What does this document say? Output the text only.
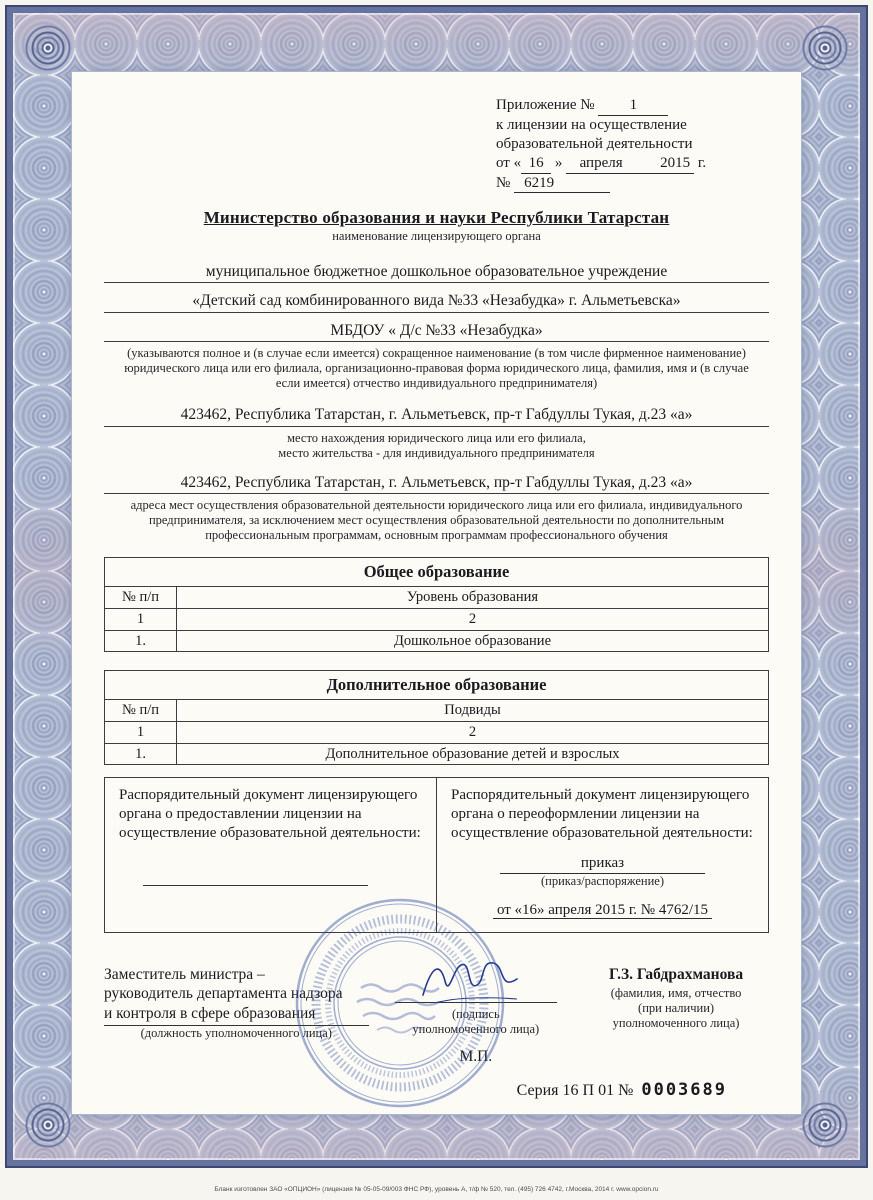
Приложение № 1
к лицензии на осуществление
образовательной деятельности
от « 16 » апреля 2015 г.
№ 6219
Министерство образования и науки Республики Татарстан
наименование лицензирующего органа
муниципальное бюджетное дошкольное образовательное учреждение
«Детский сад комбинированного вида №33 «Незабудка» г. Альметьевска»
МБДОУ « Д/с №33 «Незабудка»
(указываются полное и (в случае если имеется) сокращенное наименование (в том числе фирменное наименование) юридического лица или его филиала, организационно-правовая форма юридического лица, фамилия, имя и (в случае если имеется) отчество индивидуального предпринимателя)
423462, Республика Татарстан, г. Альметьевск, пр-т Габдуллы Тукая, д.23 «а»
место нахождения юридического лица или его филиала,
место жительства - для индивидуального предпринимателя
423462, Республика Татарстан, г. Альметьевск, пр-т Габдуллы Тукая, д.23 «а»
адреса мест осуществления образовательной деятельности юридического лица или его филиала, индивидуального предпринимателя, за исключением мест осуществления образовательной деятельности по дополнительным профессиональным программам, основным программам профессионального обучения
Общее образование	
№ п/п	Уровень образования
1	2
1.	Дошкольное образование
Дополнительное образование	
№ п/п	Подвиды
1	2
1.	Дополнительное образование детей и взрослых
Распорядительный документ лицензирующего органа о предоставлении лицензии на осуществление образовательной деятельности:
Распорядительный документ лицензирующего органа о переоформлении лицензии на осуществление образовательной деятельности:
приказ
(приказ/распоряжение)
от «16» апреля 2015 г. № 4762/15
Заместитель министра –
руководитель департамента надзора
и контроля в сфере образования
(должность уполномоченного лица)
(подпись
уполномоченного лица)
М.П.
Г.З. Габдрахманова
(фамилия, имя, отчество
(при наличии)
уполномоченного лица)
Серия 16 П 01 № 0003689
Бланк изготовлен ЗАО «ОПЦИОН» (лицензия № 05-05-09/003 ФНС РФ), уровень А, т/ф № 520, тел. (495) 726 4742, г.Москва, 2014 г. www.opcion.ru
